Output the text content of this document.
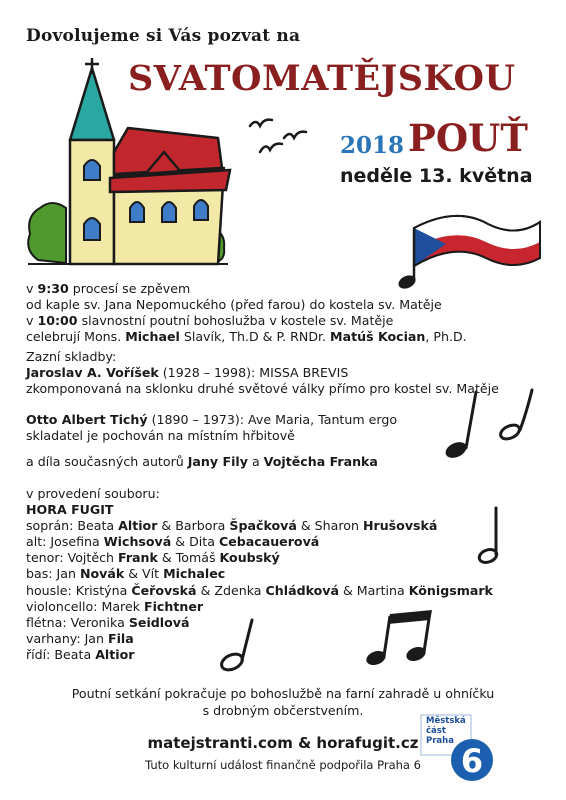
Dovolujeme si Vás pozvat na
SVATOMATĚJSKOU
2018 POUŤ
neděle 13. května
v 9:30 procesí se zpěvem
od kaple sv. Jana Nepomuckého (před farou) do kostela sv. Matěje
v 10:00 slavnostní poutní bohoslužba v kostele sv. Matěje
celebrují Mons. Michael Slavík, Th.D & P. RNDr. Matúš Kocian, Ph.D.
Zazní skladby:
Jaroslav A. Voříšek (1928 – 1998): MISSA BREVIS
zkomponovaná na sklonku druhé světové války přímo pro kostel sv. Matěje
Otto Albert Tichý (1890 – 1973): Ave Maria, Tantum ergo
skladatel je pochován na místním hřbitově
a díla současných autorů Jany Fily a Vojtěcha Franka
v provedení souboru:
HORA FUGIT
soprán: Beata Altior & Barbora Špačková & Sharon Hrušovská
alt: Josefina Wichsová & Dita Cebacauerová
tenor: Vojtěch Frank & Tomáš Koubský
bas: Jan Novák & Vít Michalec
housle: Kristýna Čeřovská & Zdenka Chládková & Martina Königsmark
violoncello: Marek Fichtner
flétna: Veronika Seidlová
varhany: Jan Fila
řídí: Beata Altior
Poutní setkání pokračuje po bohoslužbě na farní zahradě u ohníčku
s drobným občerstvením.
matejstranti.com & horafugit.cz
Tuto kulturní událost finančně podpořila Praha 6	6
Městská
část
Praha
